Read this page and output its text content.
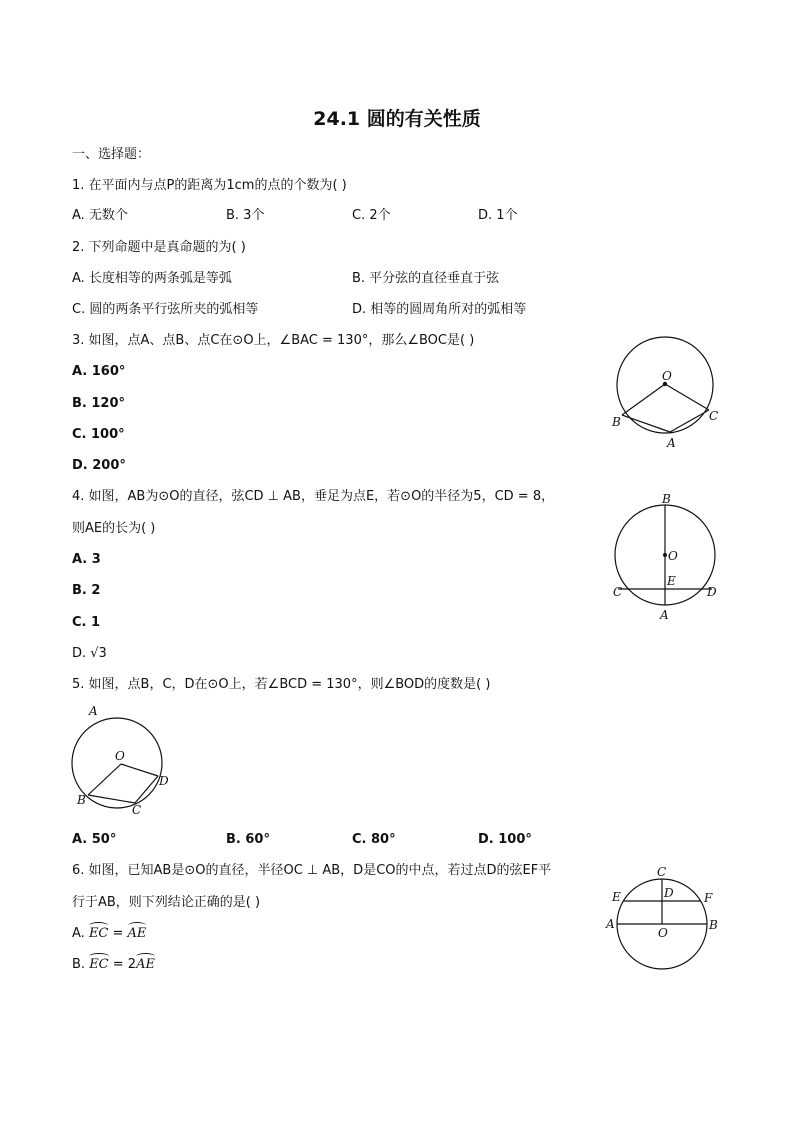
24.1 圆的有关性质
一、选择题：
1. 在平面内与点P的距离为1cm的点的个数为( )
A. 无数个	B. 3个	C. 2个	D. 1个
2. 下列命题中是真命题的为( )
A. 长度相等的两条弧是等弧	B. 平分弦的直径垂直于弦
C. 圆的两条平行弦所夹的弧相等	D. 相等的圆周角所对的弧相等
3. 如图，点A、点B、点C在⊙O上，∠BAC = 130°，那么∠BOC是( )
A. 160°
B. 120°
C. 100°
D. 200°
O
B	C
A
4. 如图，AB为⊙O的直径，弦CD ⊥ AB，垂足为点E，若⊙O的半径为5，CD = 8，
则AE的长为( )
A. 3
B. 2
C. 1
D. √3
B
O
E
C	D
A
5. 如图，点B，C，D在⊙O上，若∠BCD = 130°，则∠BOD的度数是( )
A
O
D
B
C
A. 50°	B. 60°	C. 80°	D. 100°
6. 如图，已知AB是⊙O的直径，半径OC ⊥ AB，D是CO的中点，若过点D的弦EF平
行于AB，则下列结论正确的是( )
A. EC = AE
B. EC = 2AE
C
E	D	F
A
O
B
